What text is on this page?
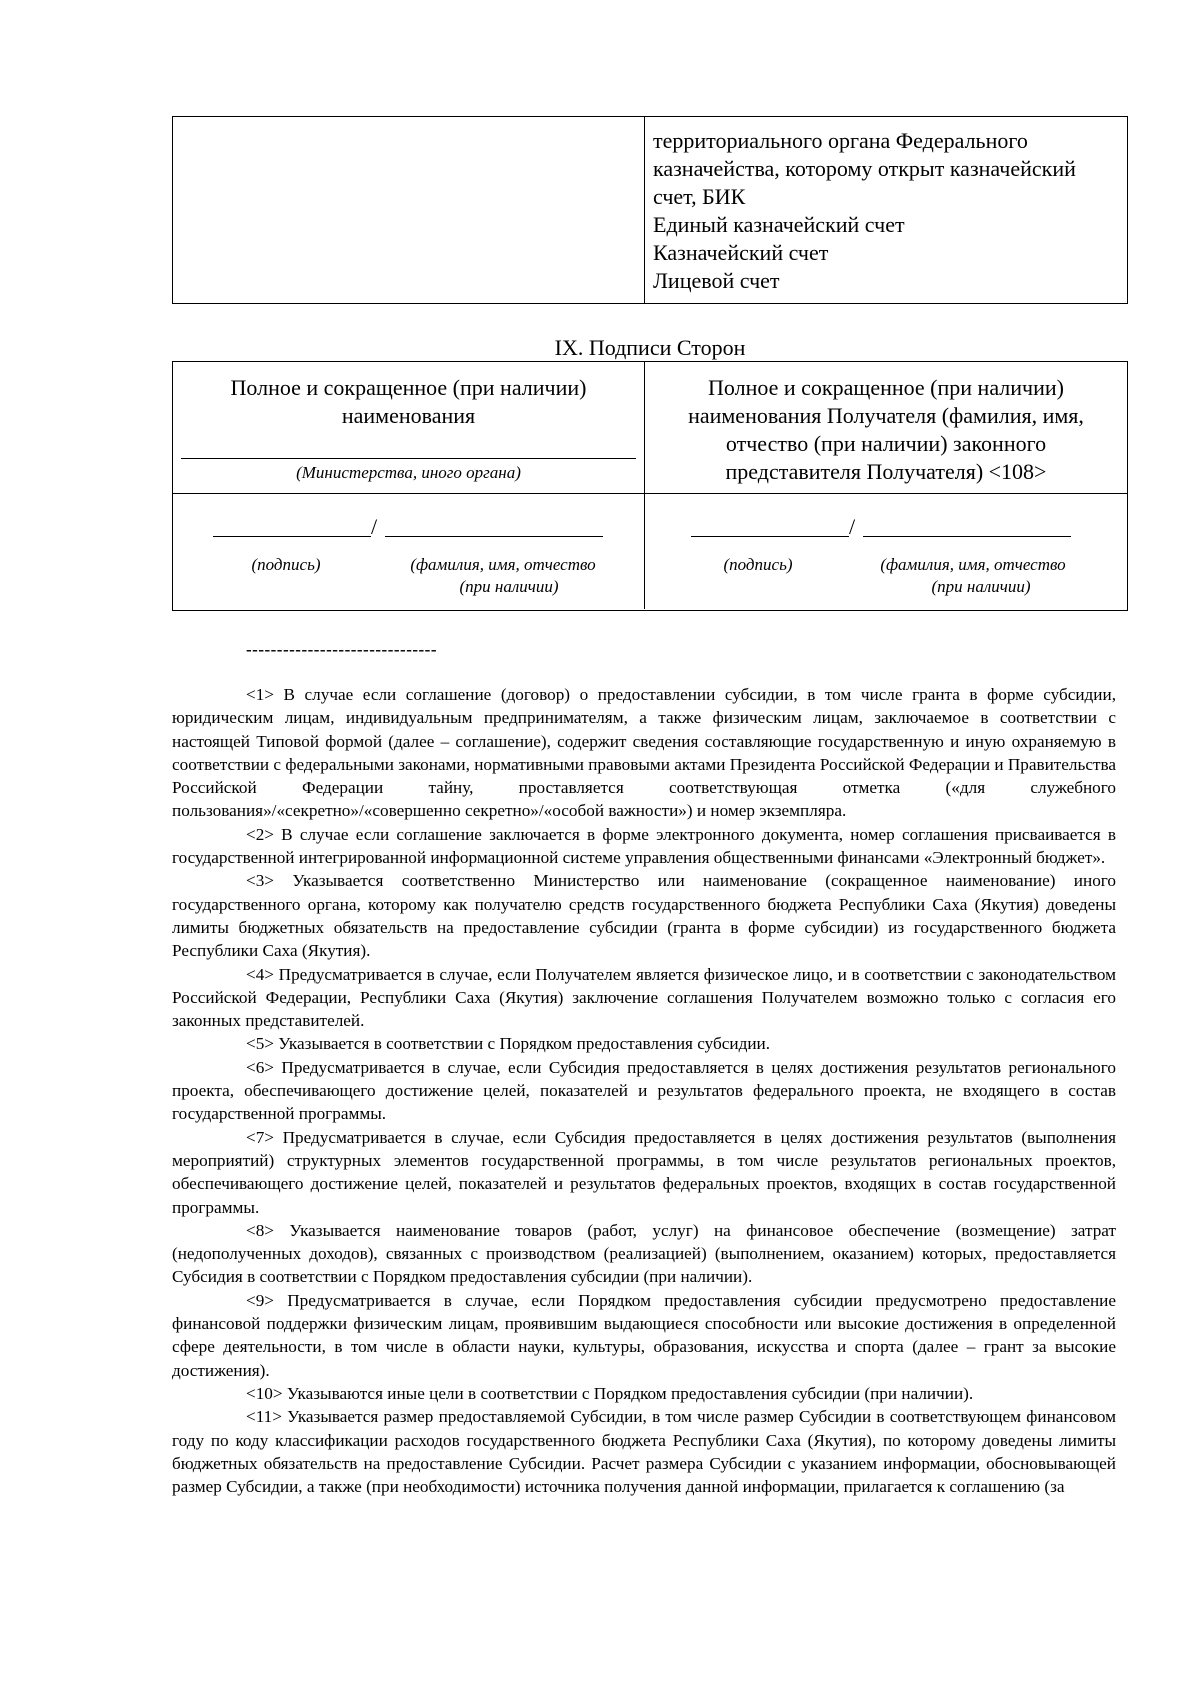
территориального органа Федерального
казначейства, которому открыт казначейский
счет, БИК
Единый казначейский счет
Казначейский счет
Лицевой счет
IX. Подписи Сторон
Полное и сокращенное (при наличии) наименования
(Министерства, иного органа)
Полное и сокращенное (при наличии) наименования Получателя (фамилия, имя, отчество (при наличии) законного представителя Получателя) <108>
/
(подпись)	(фамилия, имя, отчество
(при наличии)
/
(подпись)	(фамилия, имя, отчество
(при наличии)
-------------------------------

<1> В случае если соглашение (договор) о предоставлении субсидии, в том числе гранта в форме субсидии, юридическим лицам, индивидуальным предпринимателям, а также физическим лицам, заключаемое в соответствии с настоящей Типовой формой (далее – соглашение), содержит сведения составляющие государственную и иную охраняемую в соответствии с федеральными законами, нормативными правовыми актами Президента Российской Федерации и Правительства Российской Федерации тайну, проставляется соответствующая отметка («для служебного пользования»/«секретно»/«совершенно секретно»/«особой важности») и номер экземпляра.

<2> В случае если соглашение заключается в форме электронного документа, номер соглашения присваивается в государственной интегрированной информационной системе управления общественными финансами «Электронный бюджет».

<3> Указывается соответственно Министерство или наименование (сокращенное наименование) иного государственного органа, которому как получателю средств государственного бюджета Республики Саха (Якутия) доведены лимиты бюджетных обязательств на предоставление субсидии (гранта в форме субсидии) из государственного бюджета Республики Саха (Якутия).

<4> Предусматривается в случае, если Получателем является физическое лицо, и в соответствии с законодательством Российской Федерации, Республики Саха (Якутия) заключение соглашения Получателем возможно только с согласия его законных представителей.

<5> Указывается в соответствии с Порядком предоставления субсидии.

<6> Предусматривается в случае, если Субсидия предоставляется в целях достижения результатов регионального проекта, обеспечивающего достижение целей, показателей и результатов федерального проекта, не входящего в состав государственной программы.

<7> Предусматривается в случае, если Субсидия предоставляется в целях достижения результатов (выполнения мероприятий) структурных элементов государственной программы, в том числе результатов региональных проектов, обеспечивающего достижение целей, показателей и результатов федеральных проектов, входящих в состав государственной программы.

<8> Указывается наименование товаров (работ, услуг) на финансовое обеспечение (возмещение) затрат (недополученных доходов), связанных с производством (реализацией) (выполнением, оказанием) которых, предоставляется Субсидия в соответствии с Порядком предоставления субсидии (при наличии).

<9> Предусматривается в случае, если Порядком предоставления субсидии предусмотрено предоставление финансовой поддержки физическим лицам, проявившим выдающиеся способности или высокие достижения в определенной сфере деятельности, в том числе в области науки, культуры, образования, искусства и спорта (далее – грант за высокие достижения).

<10> Указываются иные цели в соответствии с Порядком предоставления субсидии (при наличии).

<11> Указывается размер предоставляемой Субсидии, в том числе размер Субсидии в соответствующем финансовом году по коду классификации расходов государственного бюджета Республики Саха (Якутия), по которому доведены лимиты бюджетных обязательств на предоставление Субсидии. Расчет размера Субсидии с указанием информации, обосновывающей размер Субсидии, а также (при необходимости) источника получения данной информации, прилагается к соглашению (за
